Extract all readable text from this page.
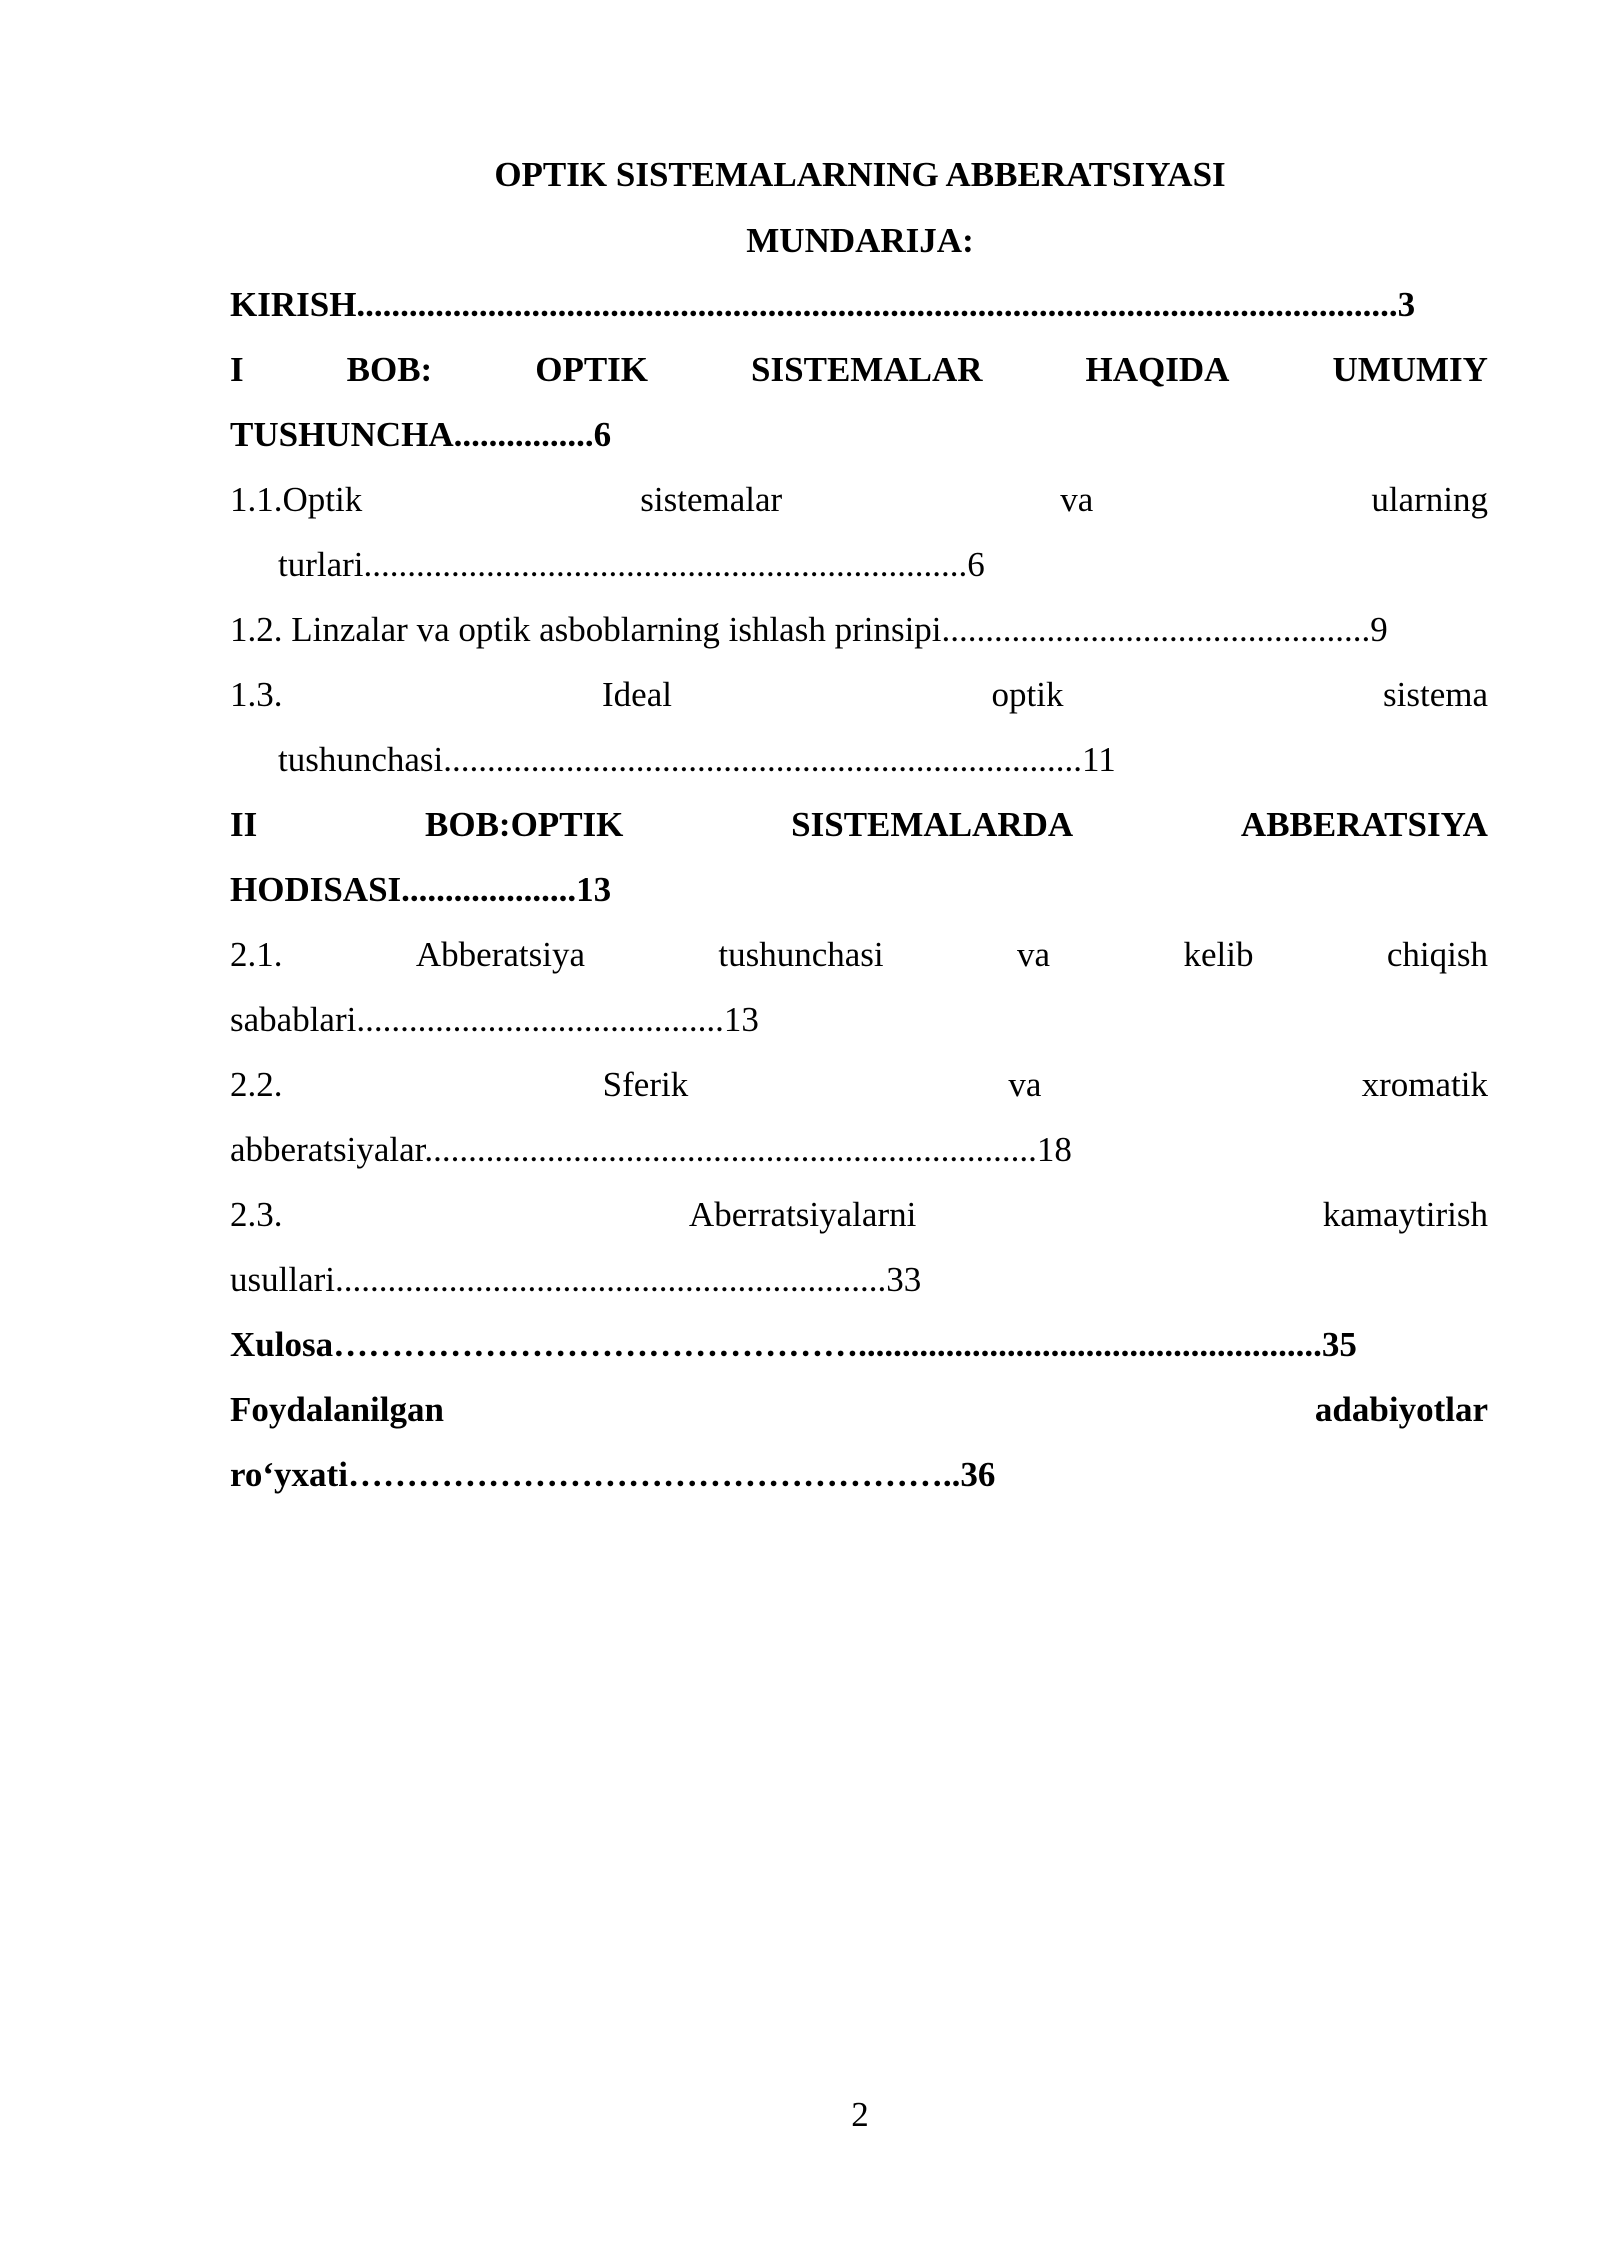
OPTIK SISTEMALARNING ABBERATSIYASI
MUNDARIJA:
KIRISH.......................................................................................................................3
I	BOB:	OPTIK	SISTEMALAR	HAQIDA	UMUMIY
TUSHUNCHA................6
1.1.Optik	sistemalar	va	ularning
turlari.....................................................................6
1.2. Linzalar va optik asboblarning ishlash prinsipi.................................................9
1.3.	Ideal	optik	sistema
tushunchasi.........................................................................11
II	BOB:OPTIK	SISTEMALARDA	ABBERATSIYA
HODISASI....................13
2.1.	Abberatsiya	tushunchasi	va	kelib	chiqish
sabablari..........................................13
2.2.	Sferik	va	xromatik
abberatsiyalar......................................................................18
2.3.	Aberratsiyalarni	kamaytirish
usullari...............................................................33
Xulosa……………………………………….....................................................35
Foydalanilgan	adabiyotlar
ro‘yxati……………………………………………..36
2
